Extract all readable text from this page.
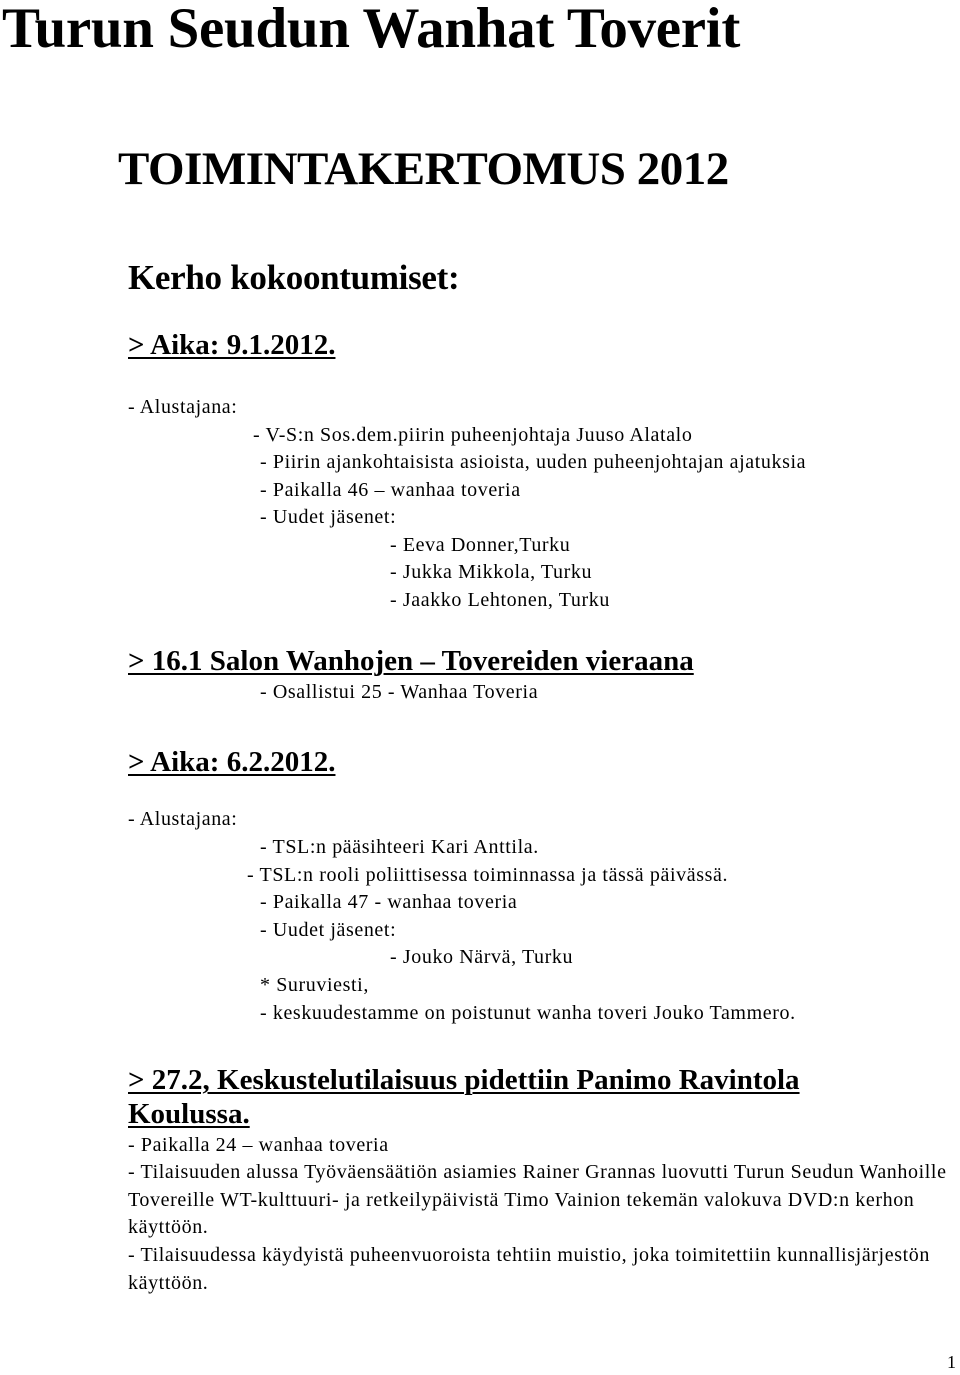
Turun Seudun Wanhat Toverit
TOIMINTAKERTOMUS 2012
Kerho kokoontumiset:
> Aika: 9.1.2012.
- Alustajana:
- V-S:n Sos.dem.piirin puheenjohtaja Juuso Alatalo
- Piirin ajankohtaisista asioista, uuden puheenjohtajan ajatuksia
- Paikalla 46 – wanhaa toveria
- Uudet jäsenet:
- Eeva Donner,Turku
- Jukka Mikkola, Turku
- Jaakko Lehtonen, Turku
> 16.1 Salon Wanhojen – Tovereiden vieraana
- Osallistui 25 - Wanhaa Toveria
> Aika: 6.2.2012.
- Alustajana:
- TSL:n pääsihteeri Kari Anttila.
- TSL:n rooli poliittisessa toiminnassa ja tässä päivässä.
- Paikalla 47 - wanhaa toveria
- Uudet jäsenet:
- Jouko Närvä, Turku
* Suruviesti,
- keskuudestamme on poistunut wanha toveri Jouko Tammero.
> 27.2, Keskustelutilaisuus pidettiin Panimo Ravintola Koulussa.
- Paikalla 24 – wanhaa toveria

- Tilaisuuden alussa Työväensäätiön asiamies Rainer Grannas luovutti Turun Seudun Wanhoille Tovereille WT-kulttuuri- ja retkeilypäivistä Timo Vainion tekemän valokuva DVD:n kerhon käyttöön.

- Tilaisuudessa käydyistä puheenvuoroista tehtiin muistio, joka toimitettiin kunnallisjärjestön käyttöön.

1
